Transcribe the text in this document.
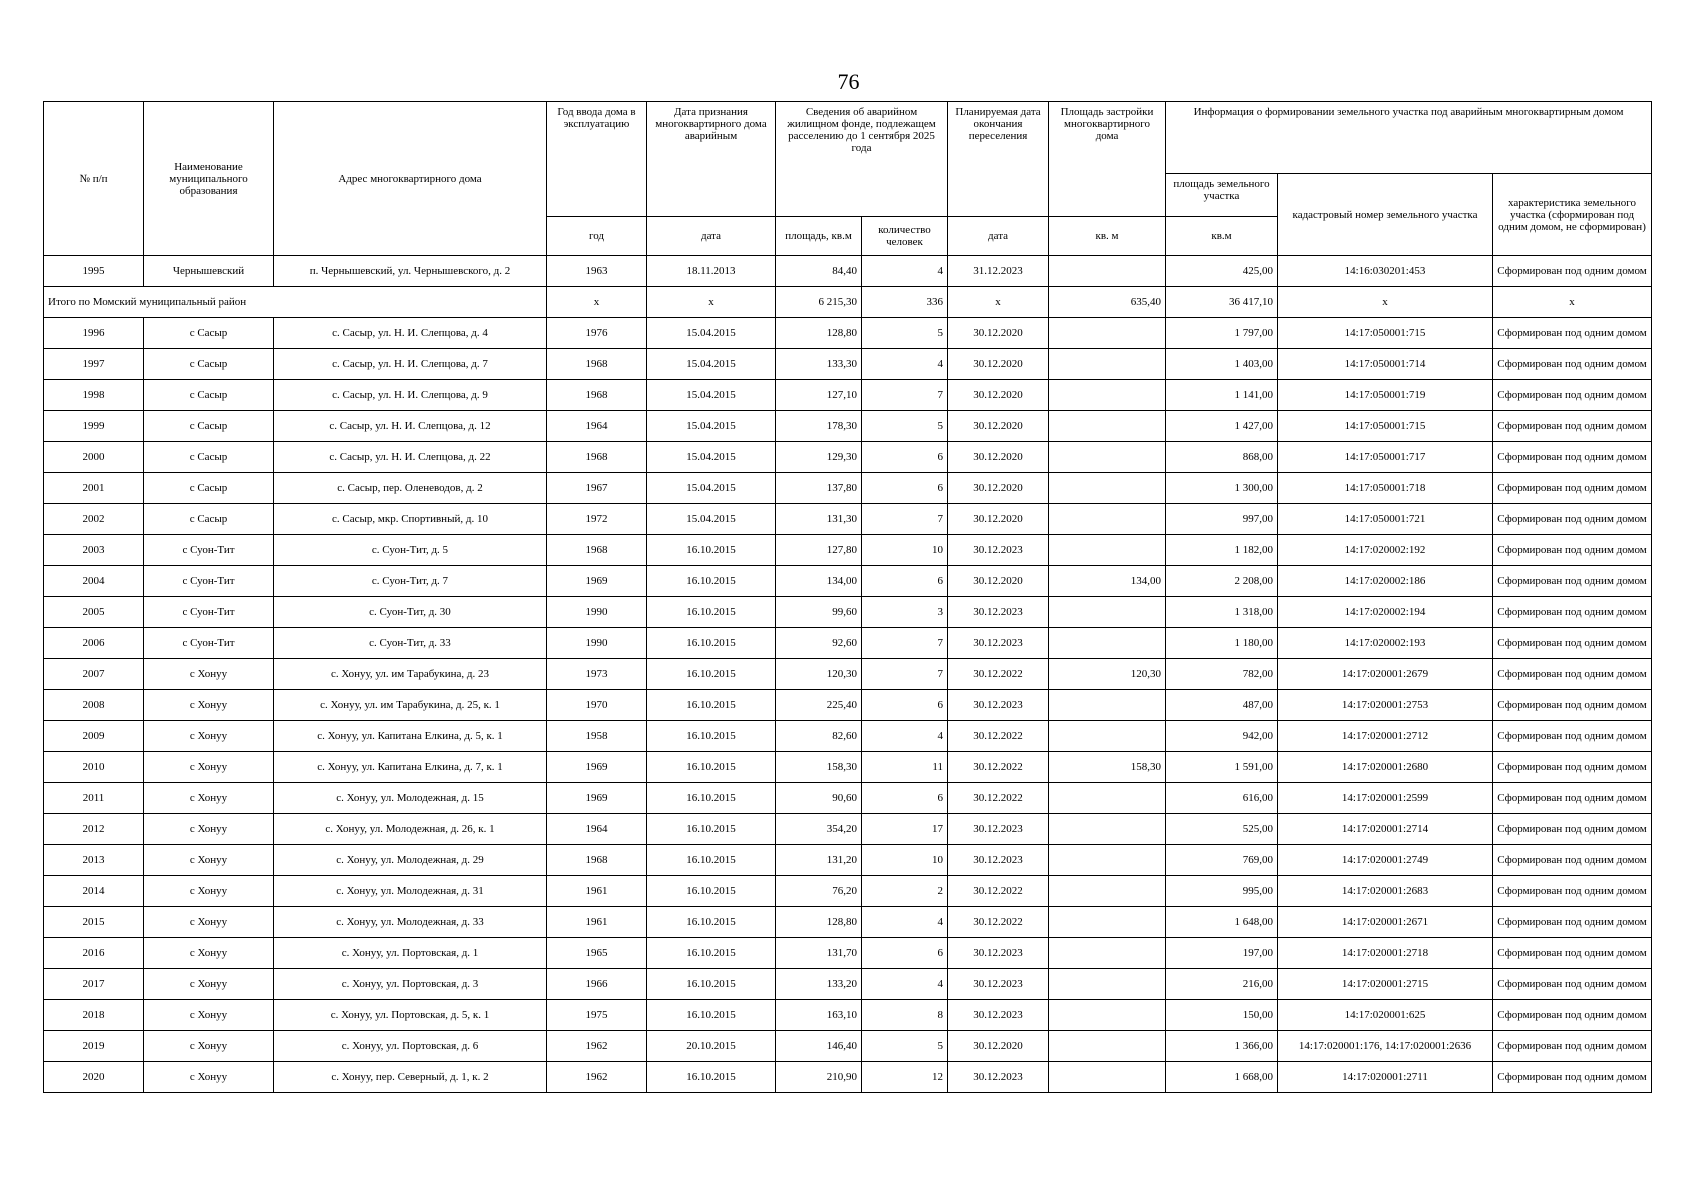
76
№ п/п	Наименование муниципального образования	Адрес многоквартирного дома	Год ввода дома в эксплуатацию	Дата признания многоквартирного дома аварийным	Сведения об аварийном жилищном фонде, подлежащем расселению до 1 сентября 2025 года		Планируемая дата окончания переселения	Площадь застройки многоквартирного дома	Информация о формировании земельного участка под аварийным многоквартирным домом		
									площадь земельного участка	кадастровый номер земельного участка	характеристика земельного участка (сформирован под одним домом, не сформирован)
			год	дата	площадь, кв.м	количество человек	дата	кв. м	кв.м		
1995	Чернышевский	п. Чернышевский, ул. Чернышевского, д. 2	1963	18.11.2013	84,40	4	31.12.2023		425,00	14:16:030201:453	Сформирован под одним домом
Итого по Момский муниципальный район			х	х	6 215,30	336	х	635,40	36 417,10	х	х
1996	с Сасыр	с. Сасыр, ул. Н. И. Слепцова, д. 4	1976	15.04.2015	128,80	5	30.12.2020		1 797,00	14:17:050001:715	Сформирован под одним домом
1997	с Сасыр	с. Сасыр, ул. Н. И. Слепцова, д. 7	1968	15.04.2015	133,30	4	30.12.2020		1 403,00	14:17:050001:714	Сформирован под одним домом
1998	с Сасыр	с. Сасыр, ул. Н. И. Слепцова, д. 9	1968	15.04.2015	127,10	7	30.12.2020		1 141,00	14:17:050001:719	Сформирован под одним домом
1999	с Сасыр	с. Сасыр, ул. Н. И. Слепцова, д. 12	1964	15.04.2015	178,30	5	30.12.2020		1 427,00	14:17:050001:715	Сформирован под одним домом
2000	с Сасыр	с. Сасыр, ул. Н. И. Слепцова, д. 22	1968	15.04.2015	129,30	6	30.12.2020		868,00	14:17:050001:717	Сформирован под одним домом
2001	с Сасыр	с. Сасыр, пер. Оленеводов, д. 2	1967	15.04.2015	137,80	6	30.12.2020		1 300,00	14:17:050001:718	Сформирован под одним домом
2002	с Сасыр	с. Сасыр, мкр. Спортивный, д. 10	1972	15.04.2015	131,30	7	30.12.2020		997,00	14:17:050001:721	Сформирован под одним домом
2003	с Суон-Тит	с. Суон-Тит, д. 5	1968	16.10.2015	127,80	10	30.12.2023		1 182,00	14:17:020002:192	Сформирован под одним домом
2004	с Суон-Тит	с. Суон-Тит, д. 7	1969	16.10.2015	134,00	6	30.12.2020	134,00	2 208,00	14:17:020002:186	Сформирован под одним домом
2005	с Суон-Тит	с. Суон-Тит, д. 30	1990	16.10.2015	99,60	3	30.12.2023		1 318,00	14:17:020002:194	Сформирован под одним домом
2006	с Суон-Тит	с. Суон-Тит, д. 33	1990	16.10.2015	92,60	7	30.12.2023		1 180,00	14:17:020002:193	Сформирован под одним домом
2007	с Хонуу	с. Хонуу, ул. им Тарабукина, д. 23	1973	16.10.2015	120,30	7	30.12.2022	120,30	782,00	14:17:020001:2679	Сформирован под одним домом
2008	с Хонуу	с. Хонуу, ул. им Тарабукина, д. 25, к. 1	1970	16.10.2015	225,40	6	30.12.2023		487,00	14:17:020001:2753	Сформирован под одним домом
2009	с Хонуу	с. Хонуу, ул. Капитана Елкина, д. 5, к. 1	1958	16.10.2015	82,60	4	30.12.2022		942,00	14:17:020001:2712	Сформирован под одним домом
2010	с Хонуу	с. Хонуу, ул. Капитана Елкина, д. 7, к. 1	1969	16.10.2015	158,30	11	30.12.2022	158,30	1 591,00	14:17:020001:2680	Сформирован под одним домом
2011	с Хонуу	с. Хонуу, ул. Молодежная, д. 15	1969	16.10.2015	90,60	6	30.12.2022		616,00	14:17:020001:2599	Сформирован под одним домом
2012	с Хонуу	с. Хонуу, ул. Молодежная, д. 26, к. 1	1964	16.10.2015	354,20	17	30.12.2023		525,00	14:17:020001:2714	Сформирован под одним домом
2013	с Хонуу	с. Хонуу, ул. Молодежная, д. 29	1968	16.10.2015	131,20	10	30.12.2023		769,00	14:17:020001:2749	Сформирован под одним домом
2014	с Хонуу	с. Хонуу, ул. Молодежная, д. 31	1961	16.10.2015	76,20	2	30.12.2022		995,00	14:17:020001:2683	Сформирован под одним домом
2015	с Хонуу	с. Хонуу, ул. Молодежная, д. 33	1961	16.10.2015	128,80	4	30.12.2022		1 648,00	14:17:020001:2671	Сформирован под одним домом
2016	с Хонуу	с. Хонуу, ул. Портовская, д. 1	1965	16.10.2015	131,70	6	30.12.2023		197,00	14:17:020001:2718	Сформирован под одним домом
2017	с Хонуу	с. Хонуу, ул. Портовская, д. 3	1966	16.10.2015	133,20	4	30.12.2023		216,00	14:17:020001:2715	Сформирован под одним домом
2018	с Хонуу	с. Хонуу, ул. Портовская, д. 5, к. 1	1975	16.10.2015	163,10	8	30.12.2023		150,00	14:17:020001:625	Сформирован под одним домом
2019	с Хонуу	с. Хонуу, ул. Портовская, д. 6	1962	20.10.2015	146,40	5	30.12.2020		1 366,00	14:17:020001:176, 14:17:020001:2636	Сформирован под одним домом
2020	с Хонуу	с. Хонуу, пер. Северный, д. 1, к. 2	1962	16.10.2015	210,90	12	30.12.2023		1 668,00	14:17:020001:2711	Сформирован под одним домом
